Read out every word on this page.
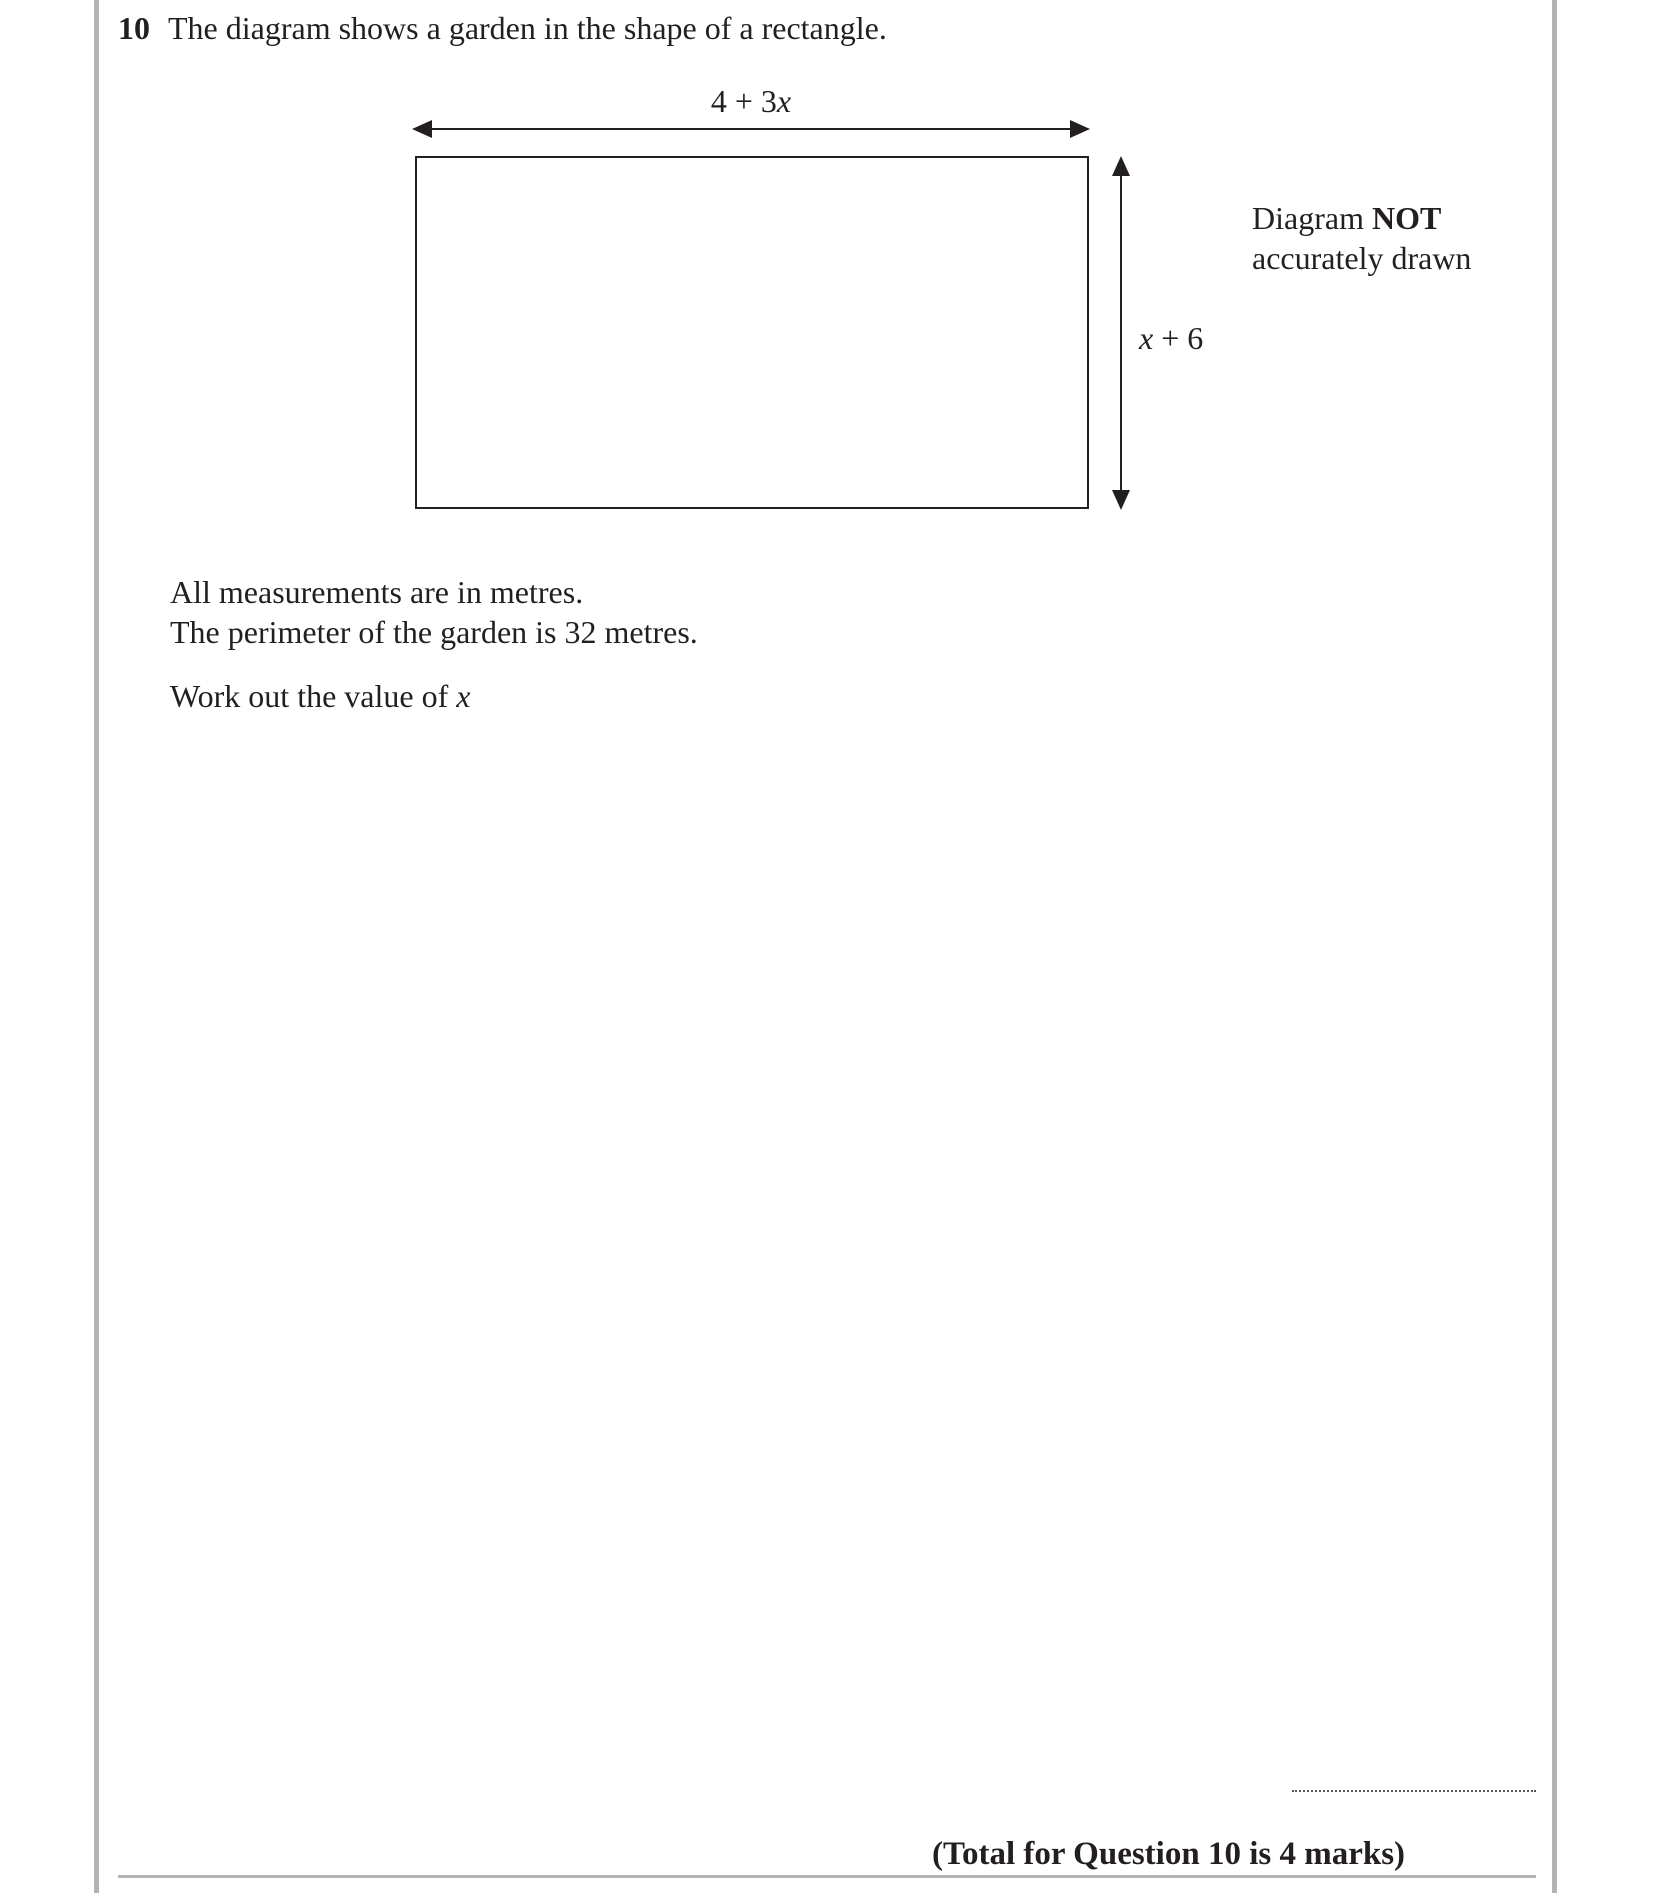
10 The diagram shows a garden in the shape of a rectangle.
4 + 3x
x + 6
Diagram NOT
accurately drawn
All measurements are in metres.
The perimeter of the garden is 32 metres.
Work out the value of x
(Total for Question 10 is 4 marks)
